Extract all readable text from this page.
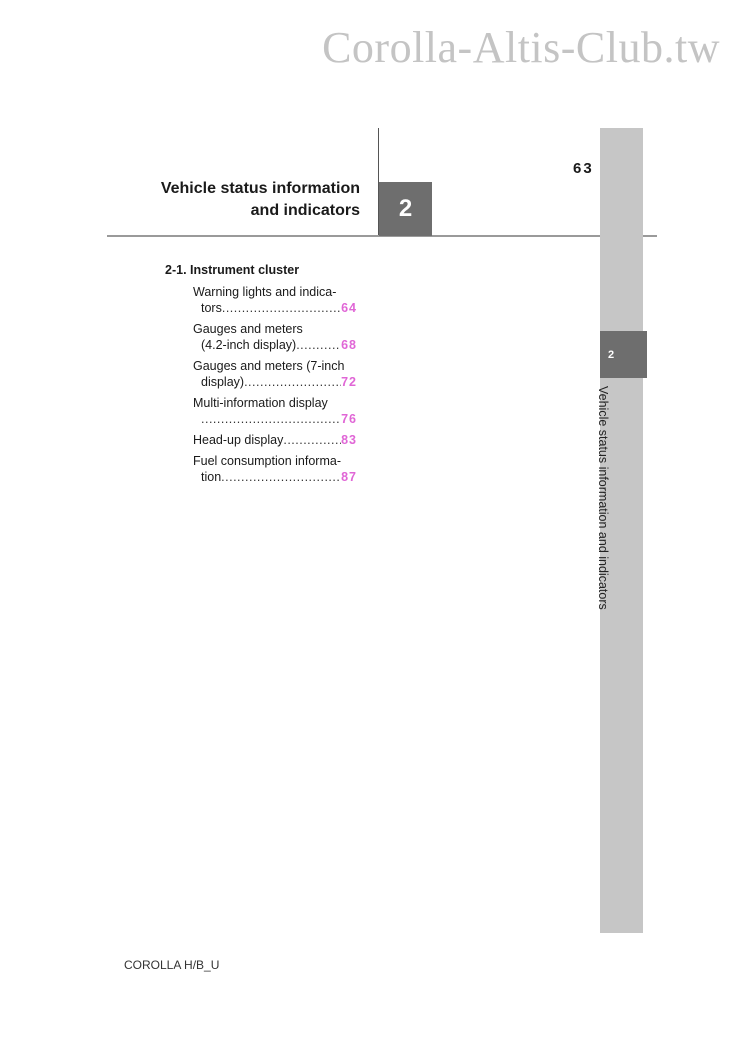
Corolla-Altis-Club.tw
Vehicle status information
and indicators	2
63
2
Vehicle status information and indicators
2-1. Instrument cluster
Warning lights and indica-
tors .....	64
Gauges and meters
(4.2-inch display) .....	68
Gauges and meters (7-inch
display) .....	72
Multi-information display
.....
76
Head-up display .....	83
Fuel consumption informa-
tion .....	87
COROLLA H/B_U
